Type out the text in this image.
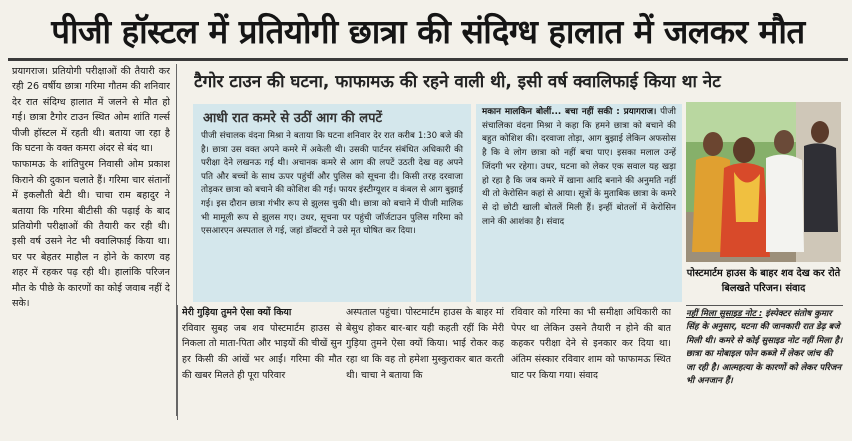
पीजी हॉस्टल में प्रतियोगी छात्रा की संदिग्ध हालात में जलकर मौत

प्रयागराज। प्रतियोगी परीक्षाओं की तैयारी कर रही 26 वर्षीय छात्रा गरिमा गौतम की शनिवार देर रात संदिग्ध हालात में जलने से मौत हो गई। छात्रा टैगोर टाउन स्थित ओम शांति गर्ल्स पीजी हॉस्टल में रहती थी। बताया जा रहा है कि घटना के वक्त कमरा अंदर से बंद था।

फाफामऊ के शांतिपुरम निवासी ओम प्रकाश किराने की दुकान चलाते हैं। गरिमा चार संतानों में इकलौती बेटी थी। चाचा राम बहादुर ने बताया कि गरिमा बीटीसी की पढ़ाई के बाद प्रतियोगी परीक्षाओं की तैयारी कर रही थी। इसी वर्ष उसने नेट भी क्वालिफाई किया था। घर पर बेहतर माहौल न होने के कारण वह शहर में रहकर पढ़ रही थी। हालांकि परिजन मौत के पीछे के कारणों का कोई जवाब नहीं दे सके।

टैगोर टाउन की घटना, फाफामऊ की रहने वाली थी, इसी वर्ष क्वालिफाई किया था नेट
आधी रात कमरे से उठीं आग की लपटें
पीजी संचालक वंदना मिश्रा ने बताया कि घटना शनिवार देर रात करीब 1:30 बजे की है। छात्रा उस वक्त अपने कमरे में अकेली थी। उसकी पार्टनर संबंधित अधिकारी की परीक्षा देने लखनऊ गई थी। अचानक कमरे से आग की लपटें उठती देख वह अपने पति और बच्चों के साथ ऊपर पहुंचीं और पुलिस को सूचना दी। किसी तरह दरवाजा तोड़कर छात्रा को बचाने की कोशिश की गई। फायर इंस्टीग्यूशर व कंबल से आग बुझाई गई। इस दौरान छात्रा गंभीर रूप से झुलस चुकी थी। छात्रा को बचाने में पीजी मालिक भी मामूली रूप से झुलस गए। उधर, सूचना पर पहुंची जॉर्जटाउन पुलिस गरिमा को एसआरएन अस्पताल ले गई, जहां डॉक्टरों ने उसे मृत घोषित कर दिया।
मकान मालकिन बोलीं... बचा नहीं सकी : प्रयागराज। पीजी संचालिका वंदना मिश्रा ने कहा कि हमने छात्रा को बचाने की बहुत कोशिश की। दरवाजा तोड़ा, आग बुझाई लेकिन अफसोस है कि वे लोग छात्रा को नहीं बचा पाए। इसका मलाल उन्हें जिंदगी भर रहेगा। उधर, घटना को लेकर एक सवाल यह खड़ा हो रहा है कि जब कमरे में खाना आदि बनाने की अनुमति नहीं थी तो केरोसिन कहां से आया। सूत्रों के मुताबिक छात्रा के कमरे से दो छोटी खाली बोतलें मिली हैं। इन्हीं बोतलों में केरोसिन लाने की आशंका है। संवाद
पोस्टमार्टम हाउस के बाहर शव देख कर रोते बिलखते परिजन। संवाद
मेरी गुड़िया तुमने ऐसा क्यों किया
रविवार सुबह जब शव पोस्टमार्टम हाउस से निकला तो माता-पिता और भाइयों की चीखें सुन हर किसी की आंखें भर आईं। गरिमा की मौत की खबर मिलते ही पूरा परिवार
अस्पताल पहुंचा। पोस्टमार्टम हाउस के बाहर मां बेसुध होकर बार-बार यही कहती रहीं कि मेरी गुड़िया तुमने ऐसा क्यों किया। भाई रोकर कह रहा था कि वह तो हमेशा मुस्कुराकर बात करती थी। चाचा ने बताया कि
रविवार को गरिमा का भी समीक्षा अधिकारी का पेपर था लेकिन उसने तैयारी न होने की बात कहकर परीक्षा देने से इनकार कर दिया था। अंतिम संस्कार रविवार शाम को फाफामऊ स्थित घाट पर किया गया। संवाद
नहीं मिला सुसाइड नोट : इंस्पेक्टर संतोष कुमार सिंह के अनुसार, घटना की जानकारी रात डेढ़ बजे मिली थी। कमरे से कोई सुसाइड नोट नहीं मिला है। छात्रा का मोबाइल फोन कब्जे में लेकर जांच की जा रही है। आत्महत्या के कारणों को लेकर परिजन भी अनजान हैं।
